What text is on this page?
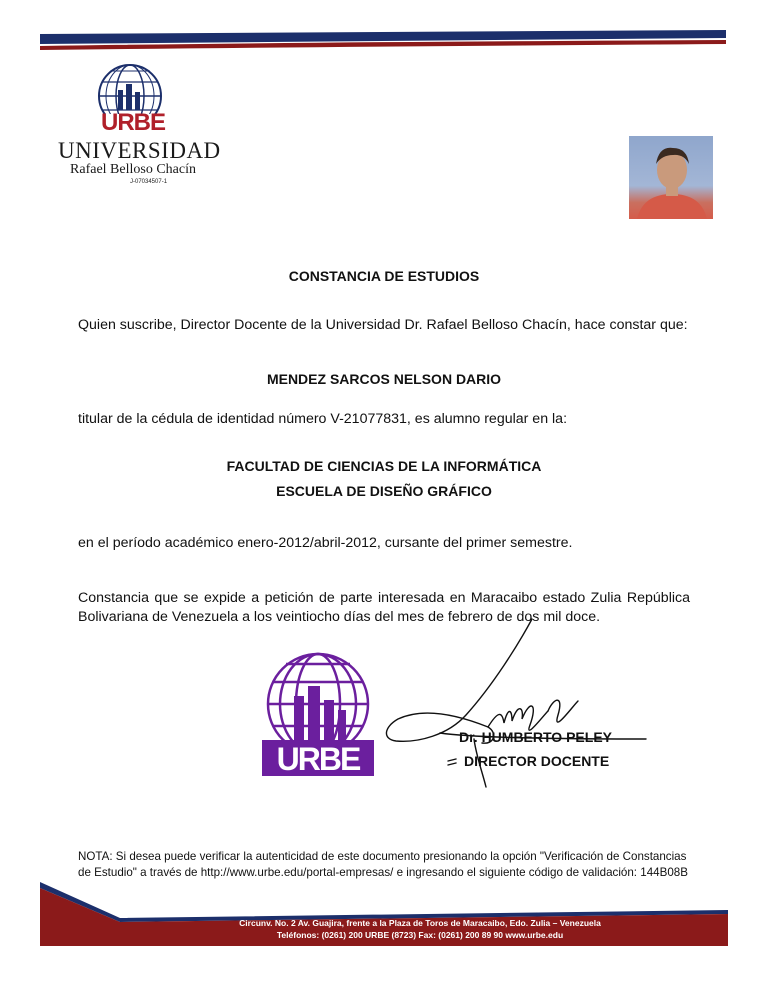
URBE
UNIVERSIDAD
Rafael Belloso Chacín
J-07034507-1
CONSTANCIA DE ESTUDIOS
Quien suscribe, Director Docente de la Universidad Dr. Rafael Belloso Chacín, hace constar que:
MENDEZ SARCOS NELSON DARIO
titular de la cédula de identidad número V-21077831, es alumno regular en la:
FACULTAD DE CIENCIAS DE LA INFORMÁTICA
ESCUELA DE DISEÑO GRÁFICO
en el período académico enero-2012/abril-2012, cursante del primer semestre.
Constancia que se expide a petición de parte interesada en Maracaibo estado Zulia República Bolivariana de Venezuela a los veintiocho días del mes de febrero de dos mil doce.
URBE
Dr. HUMBERTO PELEY
DIRECTOR DOCENTE
NOTA: Si desea puede verificar la autenticidad de este documento presionando la opción "Verificación de Constancias de Estudio" a través de http://www.urbe.edu/portal-empresas/ e ingresando el siguiente código de validación: 144B08B
Circunv. No. 2 Av. Guajira, frente a la Plaza de Toros de Maracaibo, Edo. Zulia – Venezuela
Teléfonos: (0261) 200 URBE (8723) Fax: (0261) 200 89 90 www.urbe.edu
